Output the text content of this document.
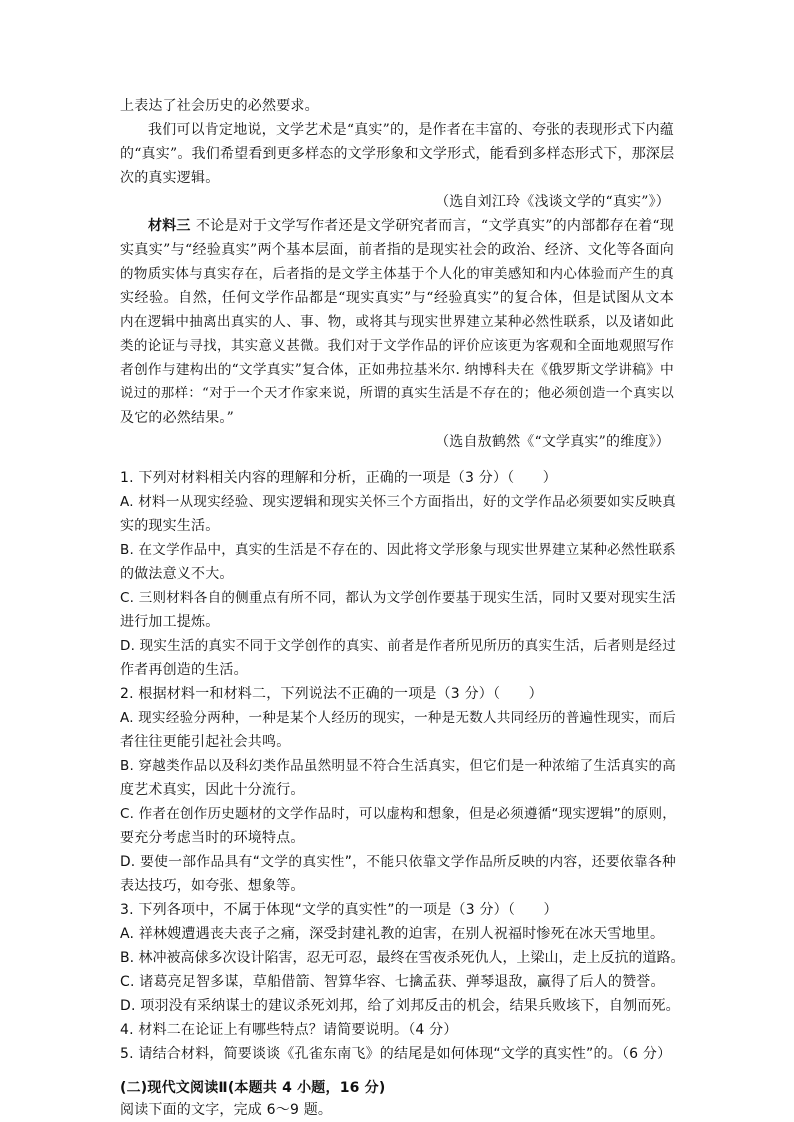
上表达了社会历史的必然要求。
我们可以肯定地说，文学艺术是“真实”的，是作者在丰富的、夸张的表现形式下内蕴
的“真实”。我们希望看到更多样态的文学形象和文学形式，能看到多样态形式下，那深层
次的真实逻辑。
（选自刘江玲《浅谈文学的“真实”》）
材料三 不论是对于文学写作者还是文学研究者而言，“文学真实”的内部都存在着“现
实真实”与“经验真实”两个基本层面，前者指的是现实社会的政治、经济、文化等各面向
的物质实体与真实存在，后者指的是文学主体基于个人化的审美感知和内心体验而产生的真
实经验。自然，任何文学作品都是“现实真实”与“经验真实”的复合体，但是试图从文本
内在逻辑中抽离出真实的人、事、物，或将其与现实世界建立某种必然性联系，以及诸如此
类的论证与寻找，其实意义甚微。我们对于文学作品的评价应该更为客观和全面地观照写作
者创作与建构出的“文学真实”复合体，正如弗拉基米尔. 纳博科夫在《俄罗斯文学讲稿》中
说过的那样：“对于一个天才作家来说，所谓的真实生活是不存在的；他必须创造一个真实以
及它的必然结果。”
（选自敖鹤然《“文学真实”的维度》）
1. 下列对材料相关内容的理解和分析，正确的一项是（3 分）（　　）
A. 材料一从现实经验、现实逻辑和现实关怀三个方面指出，好的文学作品必须要如实反映真
实的现实生活。
B. 在文学作品中，真实的生活是不存在的、因此将文学形象与现实世界建立某种必然性联系
的做法意义不大。
C. 三则材料各自的侧重点有所不同，都认为文学创作要基于现实生活，同时又要对现实生活
进行加工提炼。
D. 现实生活的真实不同于文学创作的真实、前者是作者所见所历的真实生活，后者则是经过
作者再创造的生活。
2. 根据材料一和材料二，下列说法不正确的一项是（3 分）（　　）
A. 现实经验分两种，一种是某个人经历的现实，一种是无数人共同经历的普遍性现实，而后
者往往更能引起社会共鸣。
B. 穿越类作品以及科幻类作品虽然明显不符合生活真实，但它们是一种浓缩了生活真实的高
度艺术真实，因此十分流行。
C. 作者在创作历史题材的文学作品时，可以虚构和想象，但是必须遵循“现实逻辑”的原则，
要充分考虑当时的环境特点。
D. 要使一部作品具有“文学的真实性”，不能只依靠文学作品所反映的内容，还要依靠各种
表达技巧，如夸张、想象等。
3. 下列各项中，不属于体现“文学的真实性”的一项是（3 分）（　　）
A. 祥林嫂遭遇丧夫丧子之痛，深受封建礼教的迫害，在别人祝福时惨死在冰天雪地里。
B. 林冲被高俅多次设计陷害，忍无可忍，最终在雪夜杀死仇人，上梁山，走上反抗的道路。
C. 诸葛亮足智多谋，草船借箭、智算华容、七擒孟获、弹琴退敌，赢得了后人的赞誉。
D. 项羽没有采纳谋士的建议杀死刘邦，给了刘邦反击的机会，结果兵败垓下，自刎而死。
4. 材料二在论证上有哪些特点？请简要说明。（4 分）
5. 请结合材料，简要谈谈《孔雀东南飞》的结尾是如何体现“文学的真实性”的。（6 分）
(二)现代文阅读Ⅱ(本题共 4 小题，16 分)
阅读下面的文字，完成 6～9 题。
